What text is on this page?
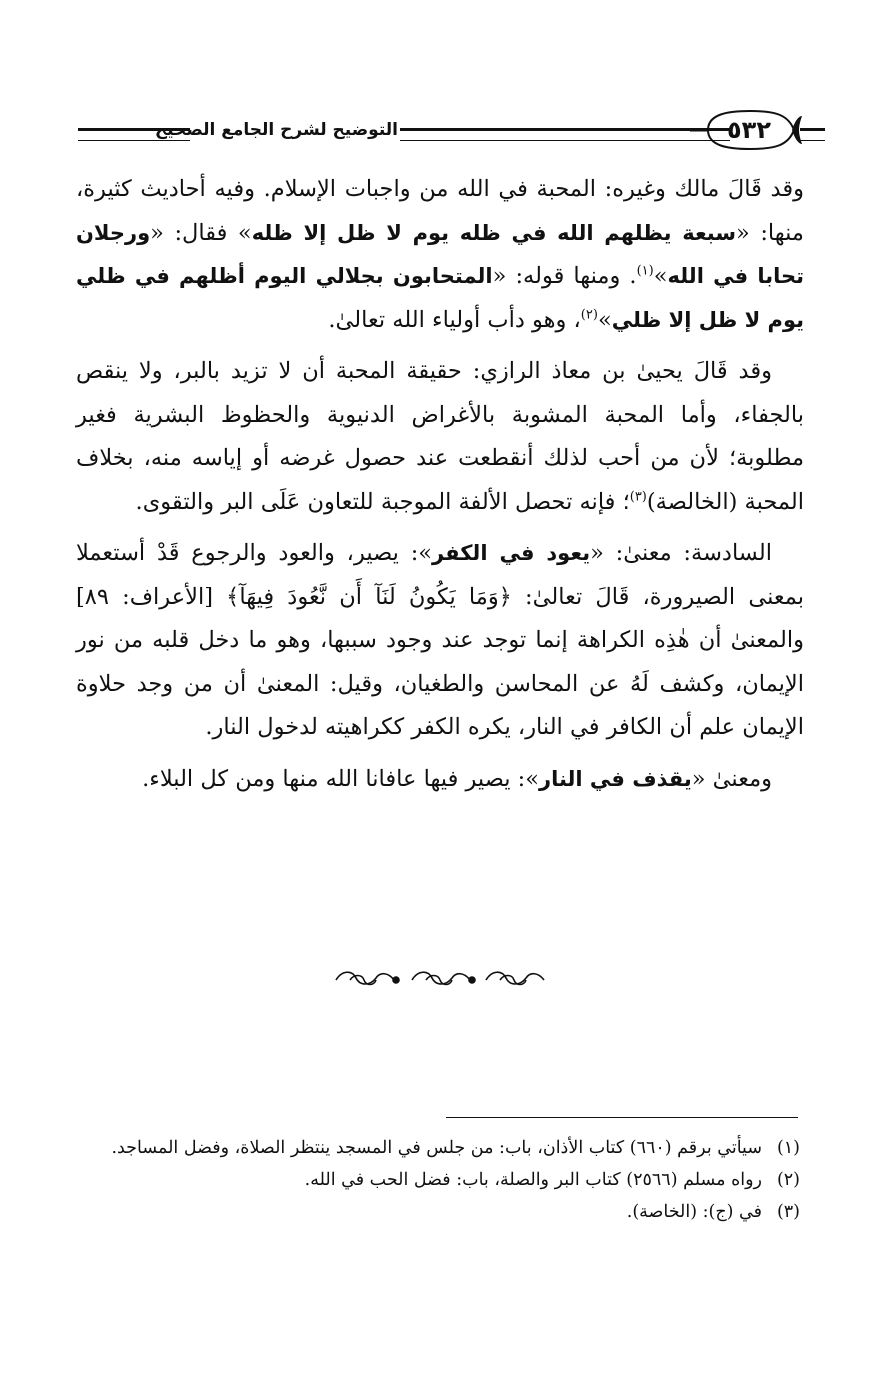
التوضيح لشرح الجامع الصحيح	٥٣٢

وقد قَالَ مالك وغيره: المحبة في الله من واجبات الإسلام. وفيه أحاديث كثيرة، منها: «سبعة يظلهم الله في ظله يوم لا ظل إلا ظله» فقال: «ورجلان تحابا في الله»$^{(١)}$. ومنها قوله: «المتحابون بجلالي اليوم أظلهم في ظلي يوم لا ظل إلا ظلي»$^{(٢)}$، وهو دأب أولياء الله تعالىٰ.

وقد قَالَ يحيىٰ بن معاذ الرازي: حقيقة المحبة أن لا تزيد بالبر، ولا ينقص بالجفاء، وأما المحبة المشوبة بالأغراض الدنيوية والحظوظ البشرية فغير مطلوبة؛ لأن من أحب لذلك أنقطعت عند حصول غرضه أو إياسه منه، بخلاف المحبة (الخالصة)$^{(٣)}$؛ فإنه تحصل الألفة الموجبة للتعاون عَلَى البر والتقوى.

السادسة: معنىٰ: «يعود في الكفر»: يصير، والعود والرجوع قَدْ أستعملا بمعنى الصيرورة، قَالَ تعالىٰ: ﴿وَمَا يَكُونُ لَنَآ أَن نَّعُودَ فِيهَآ﴾ [الأعراف: ٨٩] والمعنىٰ أن هٰذِه الكراهة إنما توجد عند وجود سببها، وهو ما دخل قلبه من نور الإيمان، وكشف لَهُ عن المحاسن والطغيان، وقيل: المعنىٰ أن من وجد حلاوة الإيمان علم أن الكافر في النار، يكره الكفر ككراهيته لدخول النار.

ومعنىٰ «يقذف في النار»: يصير فيها عافانا الله منها ومن كل البلاء.

(١)
سيأتي برقم (٦٦٠) كتاب الأذان، باب: من جلس في المسجد ينتظر الصلاة، وفضل المساجد.
(٢)
رواه مسلم (٢٥٦٦) كتاب البر والصلة، باب: فضل الحب في الله.
(٣)
في (ج): (الخاصة).
